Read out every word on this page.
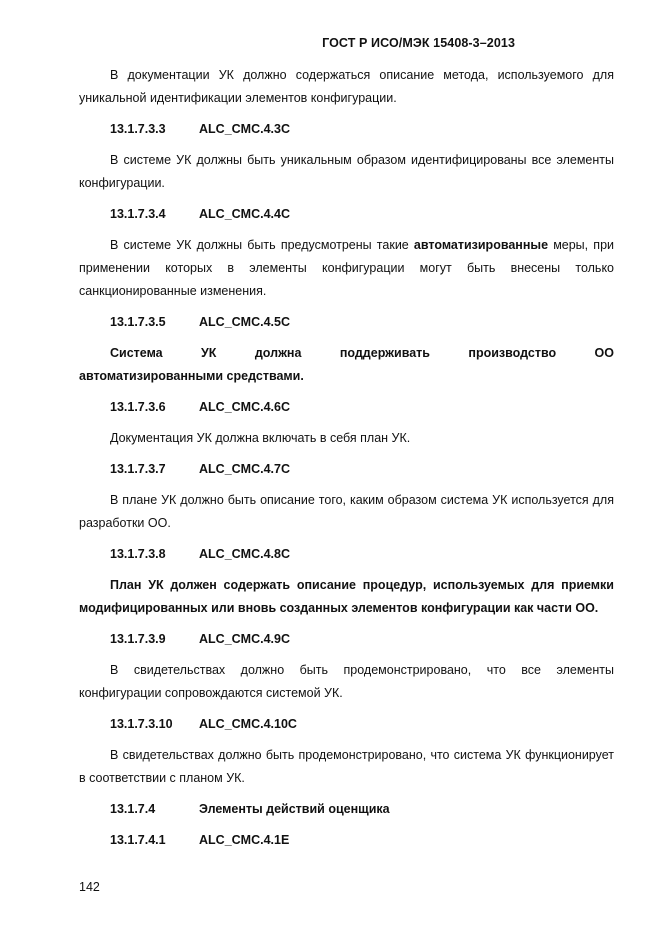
ГОСТ Р ИСО/МЭК 15408-3–2013

В документации УК должно содержаться описание метода, используемого для уникальной идентификации элементов конфигурации.

13.1.7.3.3	ALC_CMC.4.3C

В системе УК должны быть уникальным образом идентифицированы все элементы конфигурации.

13.1.7.3.4	ALC_CMC.4.4C

В системе УК должны быть предусмотрены такие автоматизированные меры, при применении которых в элементы конфигурации могут быть внесены только санкционированные изменения.

13.1.7.3.5	ALC_CMC.4.5C

Система УК должна поддерживать производство ОО

автоматизированными средствами.

13.1.7.3.6	ALC_CMC.4.6C

Документация УК должна включать в себя план УК.

13.1.7.3.7	ALC_CMC.4.7C

В плане УК должно быть описание того, каким образом система УК используется для разработки ОО.

13.1.7.3.8	ALC_CMC.4.8C

План УК должен содержать описание процедур, используемых для приемки модифицированных или вновь созданных элементов конфигурации как части ОО.

13.1.7.3.9	ALC_CMC.4.9C

В свидетельствах должно быть продемонстрировано, что все элементы конфигурации сопровождаются системой УК.

13.1.7.3.10	ALC_CMC.4.10C

В свидетельствах должно быть продемонстрировано, что система УК функционирует в соответствии с планом УК.

13.1.7.4	Элементы действий оценщика
13.1.7.4.1	ALC_CMC.4.1E
142
